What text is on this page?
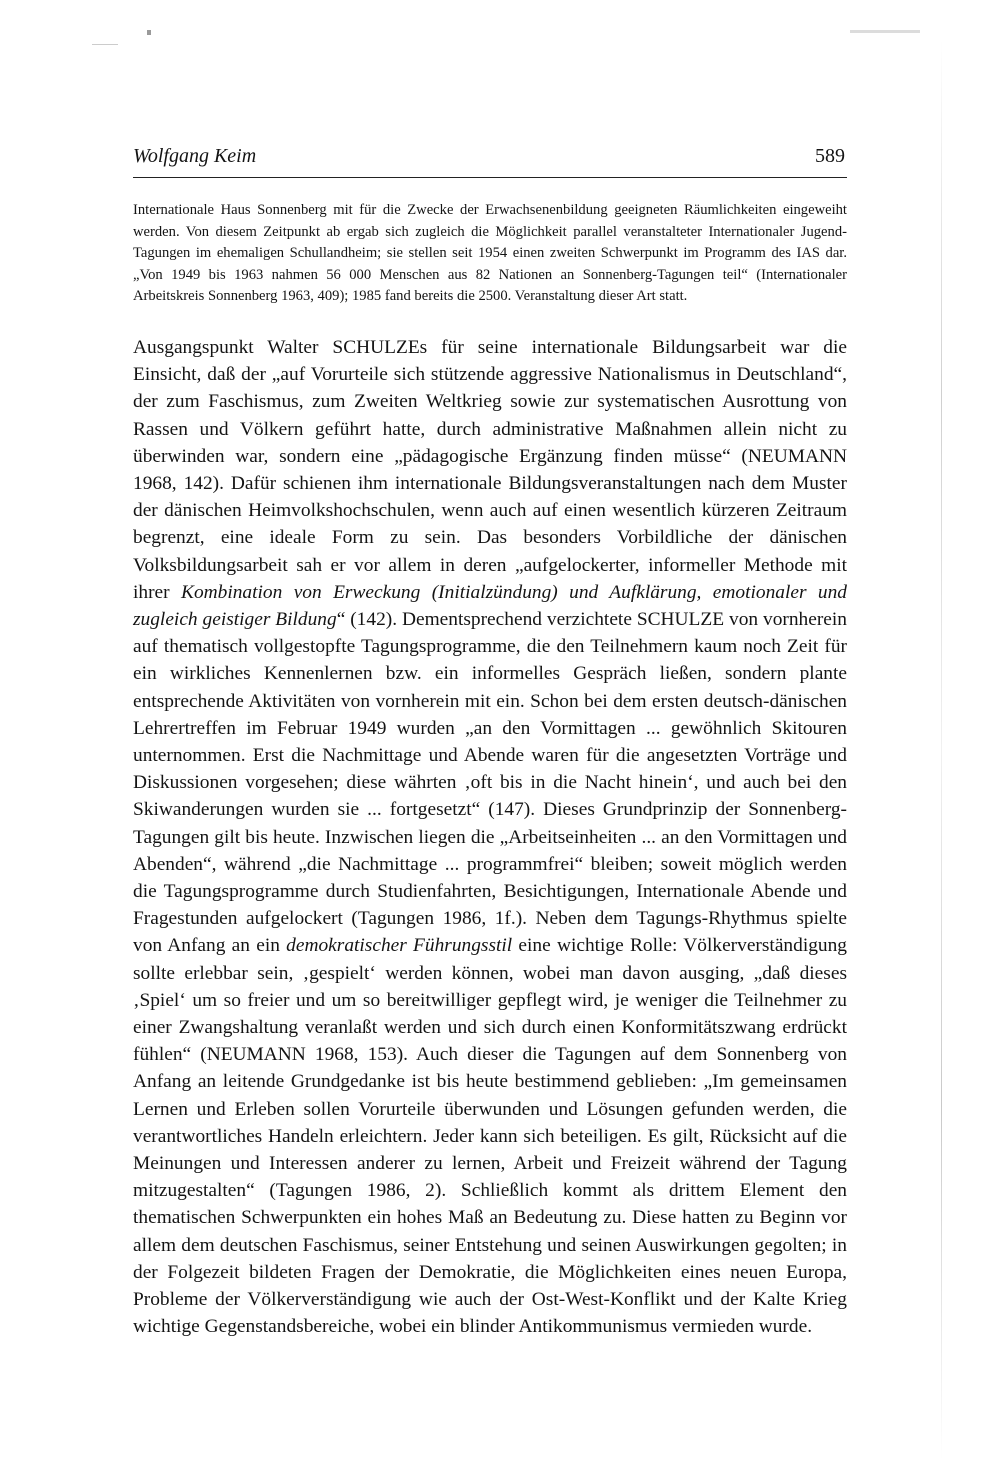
Wolfgang Keim	589

Internationale Haus Sonnenberg mit für die Zwecke der Erwachsenenbildung geeigneten Räumlichkeiten eingeweiht werden. Von diesem Zeitpunkt ab ergab sich zugleich die Möglichkeit parallel veranstalteter Internationaler Jugend-Tagungen im ehemaligen Schullandheim; sie stellen seit 1954 einen zweiten Schwerpunkt im Programm des IAS dar. „Von 1949 bis 1963 nahmen 56 000 Menschen aus 82 Nationen an Sonnenberg-Tagungen teil“ (Internationaler Arbeitskreis Sonnenberg 1963, 409); 1985 fand bereits die 2500. Veranstaltung dieser Art statt.

Ausgangspunkt Walter SCHULZEs für seine internationale Bildungsarbeit war die Einsicht, daß der „auf Vorurteile sich stützende aggressive Nationalismus in Deutschland“, der zum Faschismus, zum Zweiten Weltkrieg sowie zur systematischen Ausrottung von Rassen und Völkern geführt hatte, durch administrative Maßnahmen allein nicht zu überwinden war, sondern eine „pädagogische Ergänzung finden müsse“ (NEUMANN 1968, 142). Dafür schienen ihm internationale Bildungsveranstaltungen nach dem Muster der dänischen Heimvolkshochschulen, wenn auch auf einen wesentlich kürzeren Zeitraum begrenzt, eine ideale Form zu sein. Das besonders Vorbildliche der dänischen Volksbildungsarbeit sah er vor allem in deren „aufgelockerter, informeller Methode mit ihrer Kombination von Erweckung (Initialzündung) und Aufklärung, emotionaler und zugleich geistiger Bildung“ (142). Dementsprechend verzichtete SCHULZE von vornherein auf thematisch vollgestopfte Tagungsprogramme, die den Teilnehmern kaum noch Zeit für ein wirkliches Kennenlernen bzw. ein informelles Gespräch ließen, sondern plante entsprechende Aktivitäten von vornherein mit ein. Schon bei dem ersten deutsch-dänischen Lehrertreffen im Februar 1949 wurden „an den Vormittagen ... gewöhnlich Skitouren unternommen. Erst die Nachmittage und Abende waren für die angesetzten Vorträge und Diskussionen vorgesehen; diese währten ‚oft bis in die Nacht hinein‘, und auch bei den Skiwanderungen wurden sie ... fortgesetzt“ (147). Dieses Grundprinzip der Sonnenberg-Tagungen gilt bis heute. Inzwischen liegen die „Arbeitseinheiten ... an den Vormittagen und Abenden“, während „die Nachmittage ... programmfrei“ bleiben; soweit möglich werden die Tagungsprogramme durch Studienfahrten, Besichtigungen, Internationale Abende und Fragestunden aufgelockert (Tagungen 1986, 1f.). Neben dem Tagungs-Rhythmus spielte von Anfang an ein demokratischer Führungsstil eine wichtige Rolle: Völkerverständigung sollte erlebbar sein, ‚gespielt‘ werden können, wobei man davon ausging, „daß dieses ‚Spiel‘ um so freier und um so bereitwilliger gepflegt wird, je weniger die Teilnehmer zu einer Zwangshaltung veranlaßt werden und sich durch einen Konformitätszwang erdrückt fühlen“ (NEUMANN 1968, 153). Auch dieser die Tagungen auf dem Sonnenberg von Anfang an leitende Grundgedanke ist bis heute bestimmend geblieben: „Im gemeinsamen Lernen und Erleben sollen Vorurteile überwunden und Lösungen gefunden werden, die verantwortliches Handeln erleichtern. Jeder kann sich beteiligen. Es gilt, Rücksicht auf die Meinungen und Interessen anderer zu lernen, Arbeit und Freizeit während der Tagung mitzugestalten“ (Tagungen 1986, 2). Schließlich kommt als drittem Element den thematischen Schwerpunkten ein hohes Maß an Bedeutung zu. Diese hatten zu Beginn vor allem dem deutschen Faschismus, seiner Entstehung und seinen Auswirkungen gegolten; in der Folgezeit bildeten Fragen der Demokratie, die Möglichkeiten eines neuen Europa, Probleme der Völkerverständigung wie auch der Ost-West-Konflikt und der Kalte Krieg wichtige Gegenstandsbereiche, wobei ein blinder Antikommunismus vermieden wurde.
